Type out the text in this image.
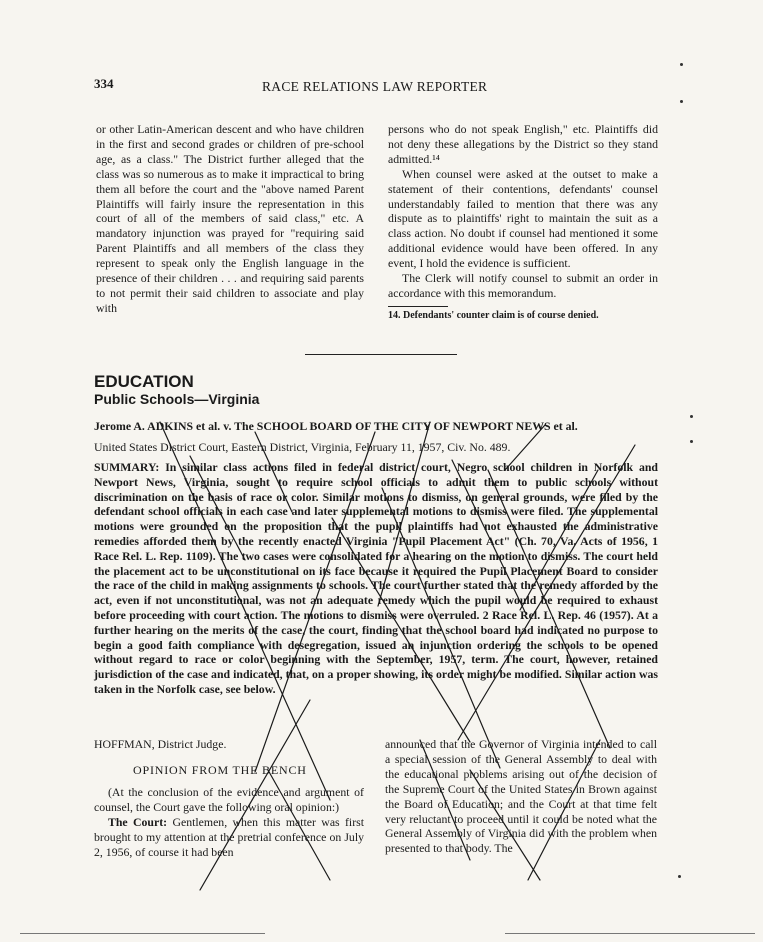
334	RACE RELATIONS LAW REPORTER

or other Latin-American descent and who have children in the first and second grades or children of pre-school age, as a class." The District further alleged that the class was so numerous as to make it impractical to bring them all before the court and the "above named Parent Plaintiffs will fairly insure the representation in this court of all of the members of said class," etc. A mandatory injunction was prayed for "requiring said Parent Plaintiffs and all members of the class they represent to speak only the English language in the presence of their children . . . and requiring said parents to not permit their said children to associate and play with

persons who do not speak English," etc. Plaintiffs did not deny these allegations by the District so they stand admitted.¹⁴

When counsel were asked at the outset to make a statement of their contentions, defendants' counsel understandably failed to mention that there was any dispute as to plaintiffs' right to maintain the suit as a class action. No doubt if counsel had mentioned it some additional evidence would have been offered. In any event, I hold the evidence is sufficient.

The Clerk will notify counsel to submit an order in accordance with this memorandum.

14. Defendants' counter claim is of course denied.
EDUCATION
Public Schools—Virginia
Jerome A. ADKINS et al. v. The SCHOOL BOARD OF THE CITY OF NEWPORT NEWS et al.
United States District Court, Eastern District, Virginia, February 11, 1957, Civ. No. 489.
SUMMARY: In similar class actions filed in federal district court, Negro school children in Norfolk and Newport News, Virginia, sought to require school officials to admit them to public schools without discrimination on the basis of race or color. Similar motions to dismiss, on general grounds, were filed by the defendant school officials in each case and later supplemental motions to dismiss were filed. The supplemental motions were grounded on the proposition that the pupil plaintiffs had not exhausted the administrative remedies afforded them by the recently enacted Virginia "Pupil Placement Act" (Ch. 70, Va. Acts of 1956, 1 Race Rel. L. Rep. 1109). The two cases were consolidated for a hearing on the motion to dismiss. The court held the placement act to be unconstitutional on its face because it required the Pupil Placement Board to consider the race of the child in making assignments to schools. The court further stated that the remedy afforded by the act, even if not unconstitutional, was not an adequate remedy which the pupil would be required to exhaust before proceeding with court action. The motions to dismiss were overruled. 2 Race Rel. L. Rep. 46 (1957). At a further hearing on the merits of the case, the court, finding that the school board had indicated no purpose to begin a good faith compliance with desegregation, issued an injunction ordering the schools to be opened without regard to race or color beginning with the September, 1957, term. The court, however, retained jurisdiction of the case and indicated, that, on a proper showing, its order might be modified. Similar action was taken in the Norfolk case, see below.
HOFFMAN, District Judge.
OPINION FROM THE BENCH

(At the conclusion of the evidence and argument of counsel, the Court gave the following oral opinion:)

The Court: Gentlemen, when this matter was first brought to my attention at the pretrial conference on July 2, 1956, of course it had been

announced that the Governor of Virginia intended to call a special session of the General Assembly to deal with the educational problems arising out of the decision of the Supreme Court of the United States in Brown against the Board of Education; and the Court at that time felt very reluctant to proceed until it could be noted what the General Assembly of Virginia did with the problem when presented to that body. The
